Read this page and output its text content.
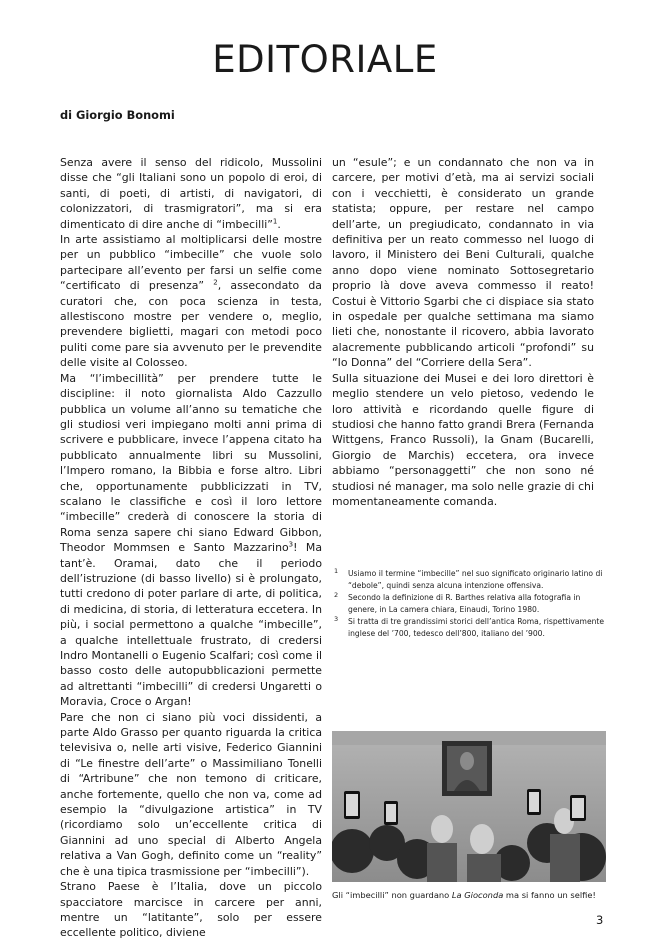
EDITORIALE
di Giorgio Bonomi

Senza avere il senso del ridicolo, Mussolini disse che “gli Italiani sono un popolo di eroi, di santi, di poeti, di artisti, di navigatori, di colonizzatori, di trasmigratori”, ma si era dimenticato di dire anche di “imbecilli”$^1$.

In arte assistiamo al moltiplicarsi delle mostre per un pubblico “imbecille” che vuole solo partecipare all’evento per farsi un selfie come “certificato di presenza” $^2$, assecondato da curatori che, con poca scienza in testa, allestiscono mostre per vendere o, meglio, prevendere biglietti, magari con metodi poco puliti come pare sia avvenuto per le prevendite delle visite al Colosseo.

Ma “l’imbecillità” per prendere tutte le discipline: il noto giornalista Aldo Cazzullo pubblica un volume all’anno su tematiche che gli studiosi veri impiegano molti anni prima di scrivere e pubblicare, invece l’appena citato ha pubblicato annualmente libri su Mussolini, l’Impero romano, la Bibbia e forse altro. Libri che, opportunamente pubblicizzati in TV, scalano le classifiche e così il loro lettore “imbecille” crederà di conoscere la storia di Roma senza sapere chi siano Edward Gibbon, Theodor Mommsen e Santo Mazzarino$^3$! Ma tant’è. Oramai, dato che il periodo dell’istruzione (di basso livello) si è prolungato, tutti credono di poter parlare di arte, di politica, di medicina, di storia, di letteratura eccetera. In più, i social permettono a qualche “imbecille”, a qualche intellettuale frustrato, di credersi Indro Montanelli o Eugenio Scalfari; così come il basso costo delle autopubblicazioni permette ad altrettanti “imbecilli” di credersi Ungaretti o Moravia, Croce o Argan!

Pare che non ci siano più voci dissidenti, a parte Aldo Grasso per quanto riguarda la critica televisiva o, nelle arti visive, Federico Giannini di “Le finestre dell’arte” o Massimiliano Tonelli di “Artribune” che non temono di criticare, anche fortemente, quello che non va, come ad esempio la “divulgazione artistica” in TV (ricordiamo solo un’eccellente critica di Giannini ad uno special di Alberto Angela relativa a Van Gogh, definito come un “reality” che è una tipica trasmissione per “imbecilli”).

Strano Paese è l’Italia, dove un piccolo spacciatore marcisce in carcere per anni, mentre un “latitante”, solo per essere eccellente politico, diviene

un “esule”; e un condannato che non va in carcere, per motivi d’età, ma ai servizi sociali con i vecchietti, è considerato un grande statista; oppure, per restare nel campo dell’arte, un pregiudicato, condannato in via definitiva per un reato commesso nel luogo di lavoro, il Ministero dei Beni Culturali, qualche anno dopo viene nominato Sottosegretario proprio là dove aveva commesso il reato! Costui è Vittorio Sgarbi che ci dispiace sia stato in ospedale per qualche settimana ma siamo lieti che, nonostante il ricovero, abbia lavorato alacremente pubblicando articoli “profondi” su “Io Donna” del “Corriere della Sera”.

Sulla situazione dei Musei e dei loro direttori è meglio stendere un velo pietoso, vedendo le loro attività e ricordando quelle figure di studiosi che hanno fatto grandi Brera (Fernanda Wittgens, Franco Russoli), la Gnam (Bucarelli, Giorgio de Marchis) eccetera, ora invece abbiamo “personaggetti” che non sono né studiosi né manager, ma solo nelle grazie di chi momentaneamente comanda.

1 Usiamo il termine “imbecille” nel suo significato originario latino di “debole”, quindi senza alcuna intenzione offensiva.
2 Secondo la definizione di R. Barthes relativa alla fotografia in genere, in La camera chiara, Einaudi, Torino 1980.
3 Si tratta di tre grandissimi storici dell’antica Roma, rispettivamente inglese del ’700, tedesco dell’800, italiano del ’900.
Gli “imbecilli” non guardano La Gioconda ma si fanno un selfie!
3
